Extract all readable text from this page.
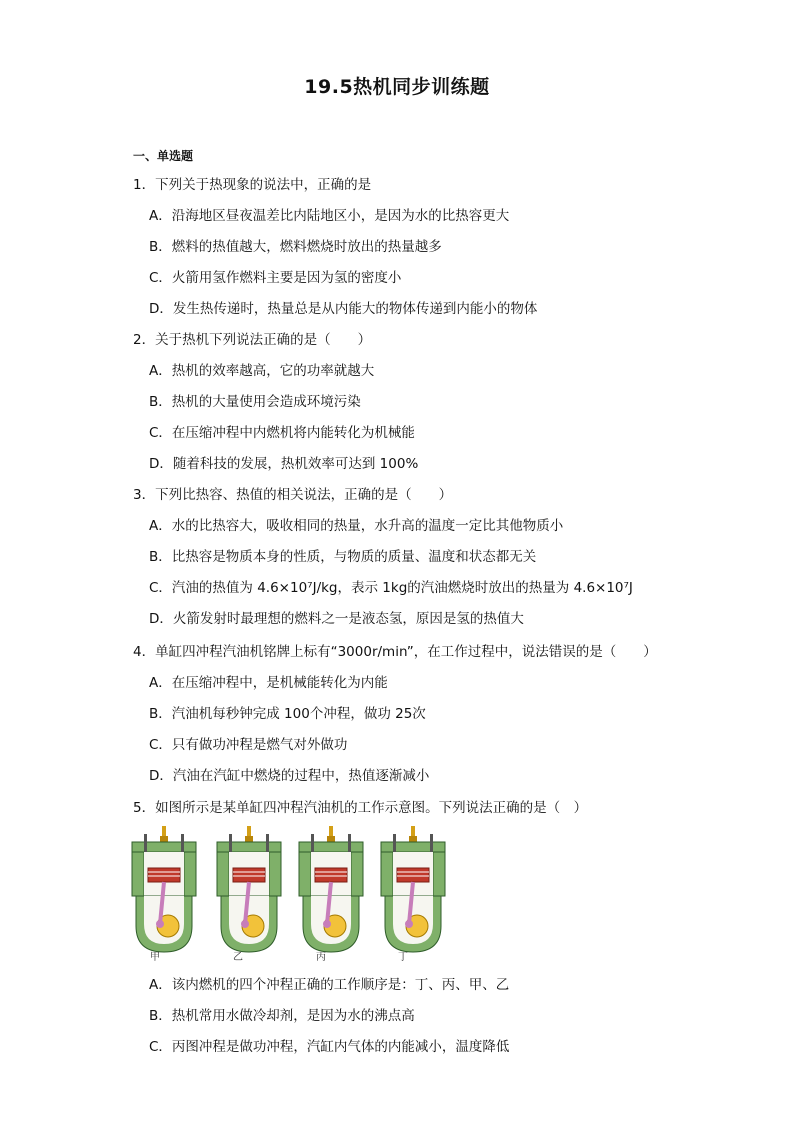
19.5热机同步训练题
一、单选题
1．下列关于热现象的说法中，正确的是
A．沿海地区昼夜温差比内陆地区小，是因为水的比热容更大
B．燃料的热值越大，燃料燃烧时放出的热量越多
C．火箭用氢作燃料主要是因为氢的密度小
D．发生热传递时，热量总是从内能大的物体传递到内能小的物体
2．关于热机下列说法正确的是（　　）
A．热机的效率越高，它的功率就越大
B．热机的大量使用会造成环境污染
C．在压缩冲程中内燃机将内能转化为机械能
D．随着科技的发展，热机效率可达到 100%
3．下列比热容、热值的相关说法，正确的是（　　）
A．水的比热容大，吸收相同的热量，水升高的温度一定比其他物质小
B．比热容是物质本身的性质，与物质的质量、温度和状态都无关
C．汽油的热值为 4.6×10⁷J/kg，表示 1kg的汽油燃烧时放出的热量为 4.6×10⁷J
D．火箭发射时最理想的燃料之一是液态氢，原因是氢的热值大
4．单缸四冲程汽油机铭牌上标有“3000r/min”，在工作过程中，说法错误的是（　　）
A．在压缩冲程中，是机械能转化为内能
B．汽油机每秒钟完成 100个冲程，做功 25次
C．只有做功冲程是燃气对外做功
D．汽油在汽缸中燃烧的过程中，热值逐渐减小
5．如图所示是某单缸四冲程汽油机的工作示意图。下列说法正确的是（　）
甲	乙	丙	丁
A．该内燃机的四个冲程正确的工作顺序是：丁、丙、甲、乙
B．热机常用水做冷却剂，是因为水的沸点高
C．丙图冲程是做功冲程，汽缸内气体的内能减小，温度降低
